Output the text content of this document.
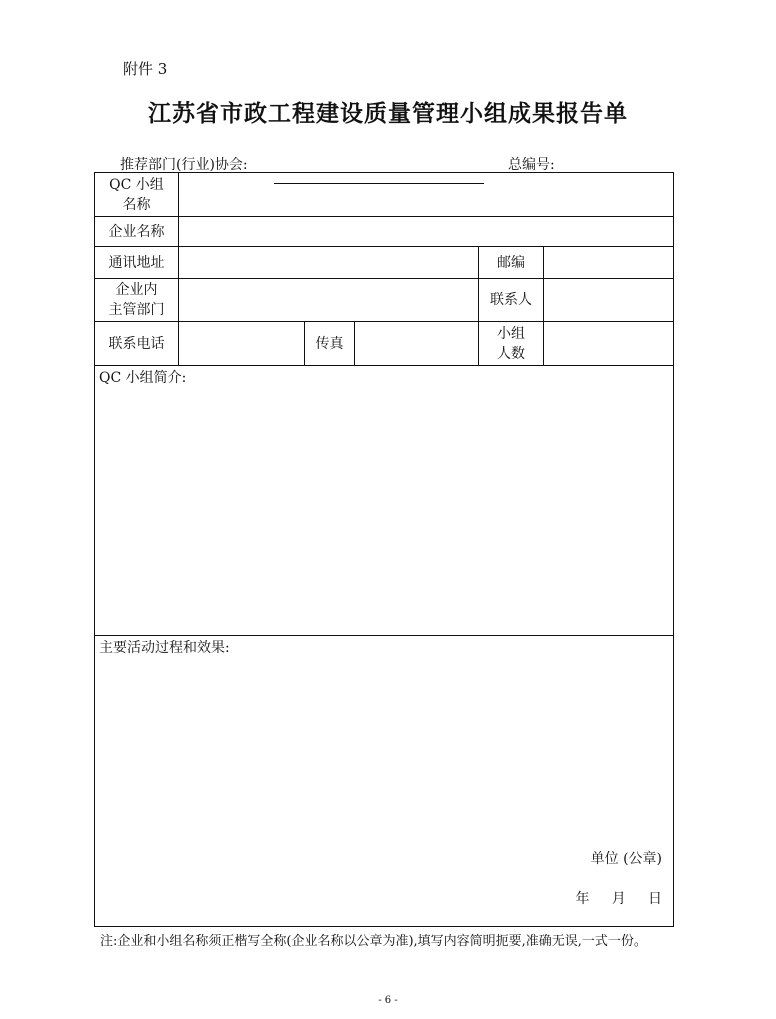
附件 3
江苏省市政工程建设质量管理小组成果报告单
推荐部门(行业)协会:	总编号:
QC 小组
名称					

企业名称					
通讯地址				邮编	

企业内
主管部门				联系人	
联系电话		传真		小组
人数	

QC 小组简介:					
主要活动过程和效果:					
单位 (公章)
年     月     日
注:企业和小组名称须正楷写全称(企业名称以公章为准),填写内容简明扼要,准确无误,一式一份。
- 6 -
